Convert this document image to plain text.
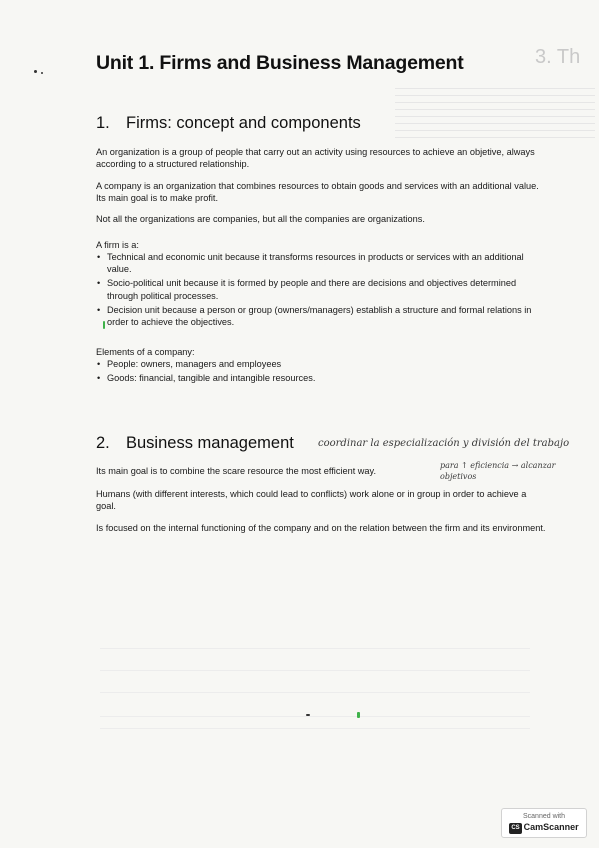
3. Th
Unit 1. Firms and Business Management
1. Firms: concept and components

An organization is a group of people that carry out an activity using resources to achieve an objetive, always according to a structured relationship.

A company is an organization that combines resources to obtain goods and services with an additional value. Its main goal is to make profit.

Not all the organizations are companies, but all the companies are organizations.

A firm is a:

• Technical and economic unit because it transforms resources in products or services with an additional value.
• Socio-political unit because it is formed by people and there are decisions and objectives determined through political processes.
• Decision unit because a person or group (owners/managers) establish a structure and formal relations in order to achieve the objectives.

Elements of a company:

• People: owners, managers and employees
• Goods: financial, tangible and intangible resources.
2. Business management coordinar la especialización y división del trabajo
para ↑ eficiencia → alcanzar objetivos

Its main goal is to combine the scare resource the most efficient way.

Humans (with different interests, which could lead to conflicts) work alone or in group in order to achieve a goal.

Is focused on the internal functioning of the company and on the relation between the firm and its environment.

Scanned with
CS CamScanner
